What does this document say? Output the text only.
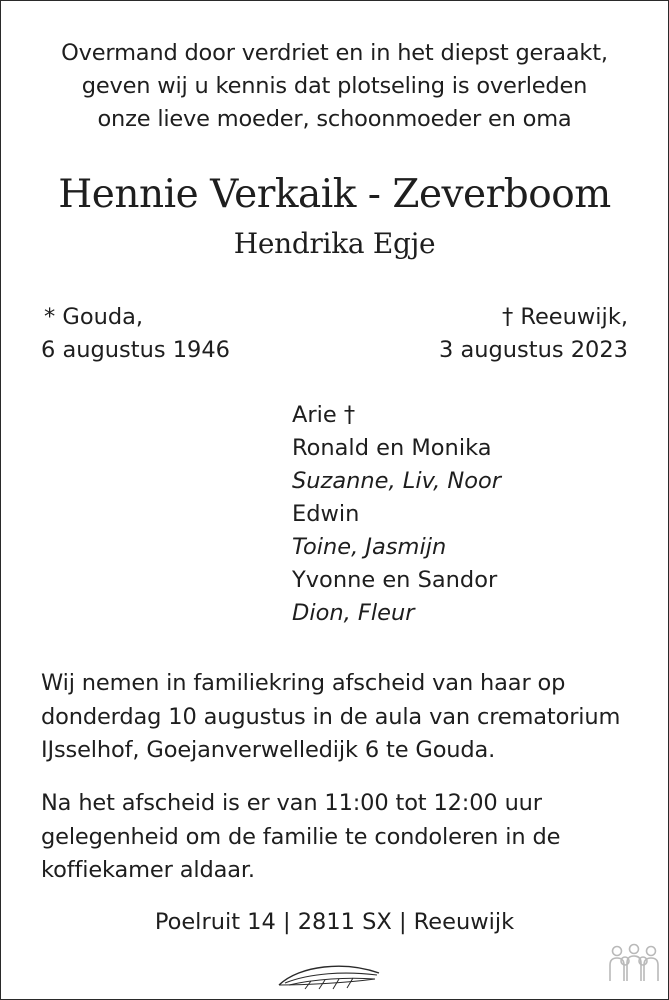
Overmand door verdriet en in het diepst geraakt,
geven wij u kennis dat plotseling is overleden
onze lieve moeder, schoonmoeder en oma
Hennie Verkaik - Zeverboom
Hendrika Egje
* Gouda,
6 augustus 1946
† Reeuwijk,
3 augustus 2023
Arie †
Ronald en Monika
Suzanne, Liv, Noor
Edwin
Toine, Jasmijn
Yvonne en Sandor
Dion, Fleur
Wij nemen in familiekring afscheid van haar op
donderdag 10 augustus in de aula van crematorium
IJsselhof, Goejanverwelledijk 6 te Gouda.
Na het afscheid is er van 11:00 tot 12:00 uur
gelegenheid om de familie te condoleren in de
koffiekamer aldaar.
Poelruit 14 | 2811 SX | Reeuwijk
